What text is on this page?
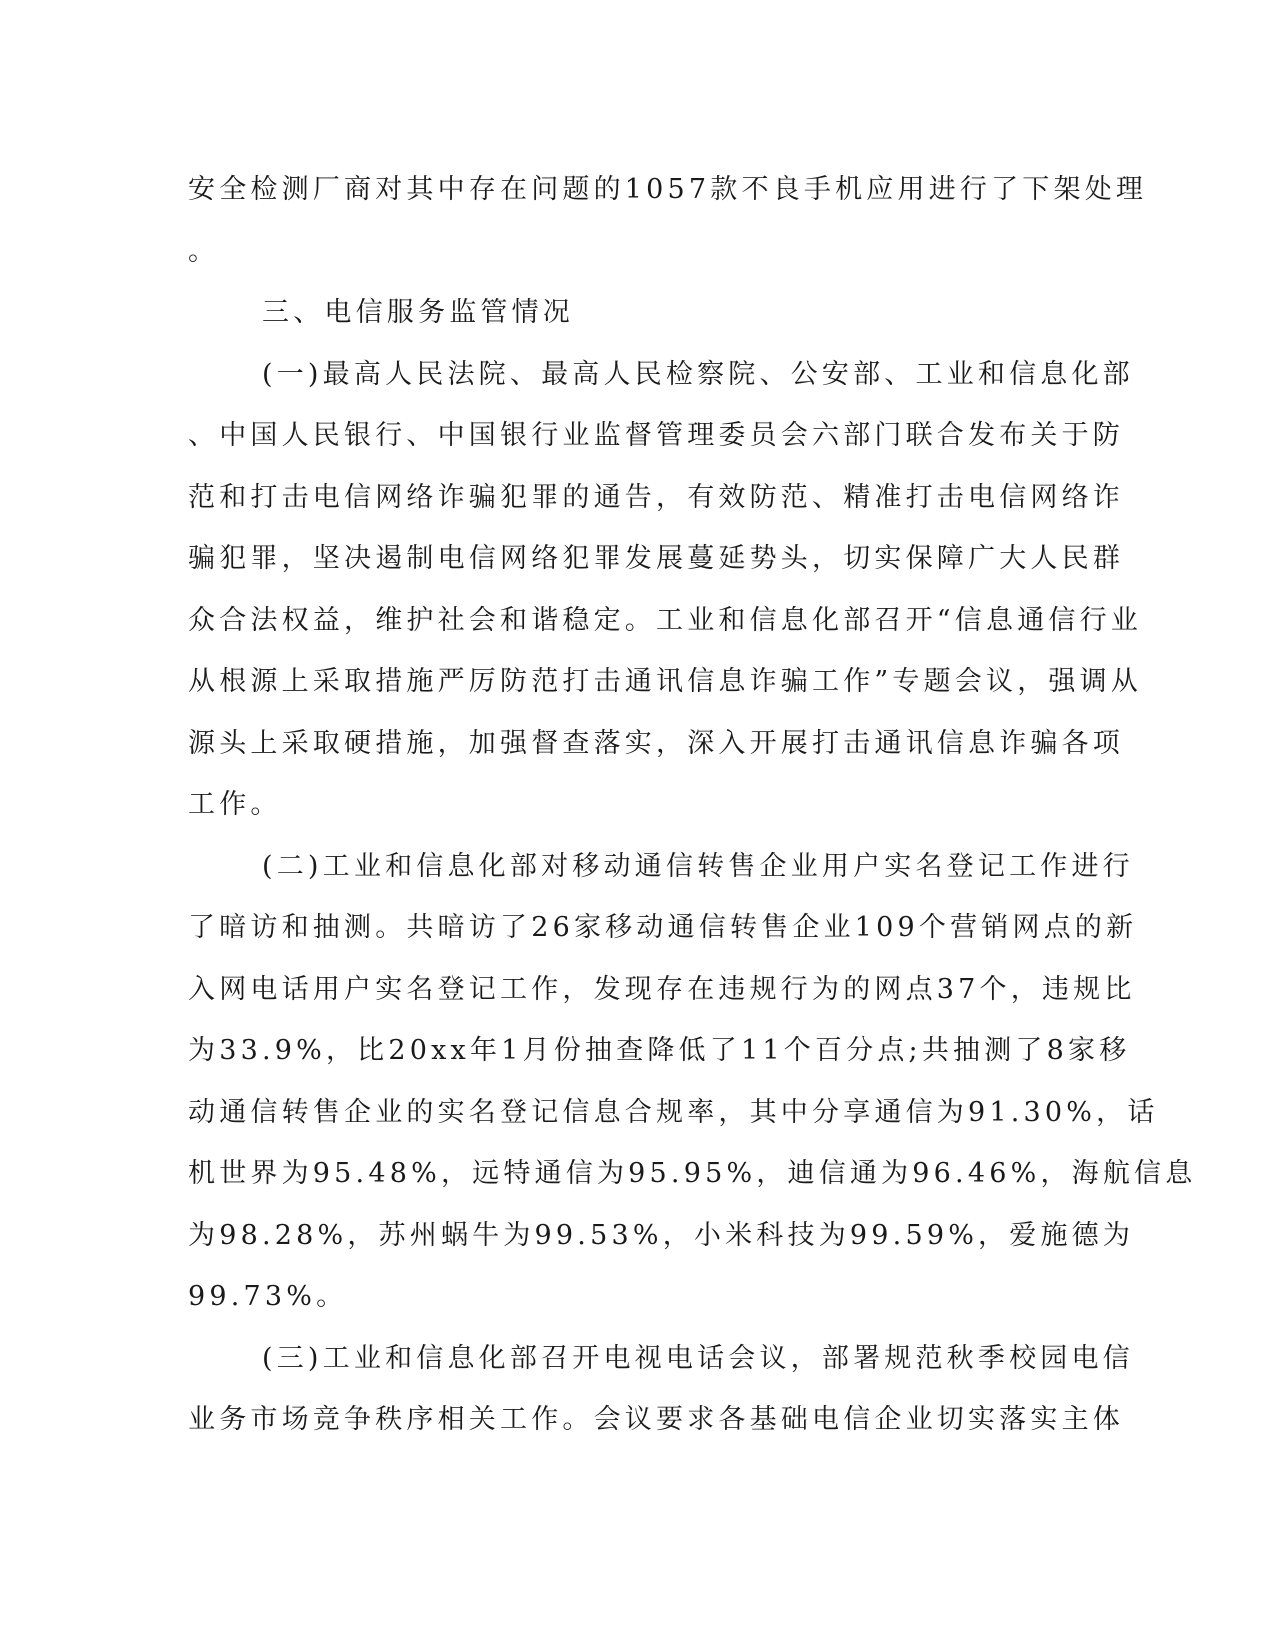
安全检测厂商对其中存在问题的1057款不良手机应用进行了下架处理
。
三、电信服务监管情况
(一)最高人民法院、最高人民检察院、公安部、工业和信息化部
、中国人民银行、中国银行业监督管理委员会六部门联合发布关于防
范和打击电信网络诈骗犯罪的通告，有效防范、精准打击电信网络诈
骗犯罪，坚决遏制电信网络犯罪发展蔓延势头，切实保障广大人民群
众合法权益，维护社会和谐稳定。工业和信息化部召开“信息通信行业
从根源上采取措施严厉防范打击通讯信息诈骗工作”专题会议，强调从
源头上采取硬措施，加强督查落实，深入开展打击通讯信息诈骗各项
工作。
(二)工业和信息化部对移动通信转售企业用户实名登记工作进行
了暗访和抽测。共暗访了26家移动通信转售企业109个营销网点的新
入网电话用户实名登记工作，发现存在违规行为的网点37个，违规比
为33.9%，比20xx年1月份抽查降低了11个百分点;共抽测了8家移
动通信转售企业的实名登记信息合规率，其中分享通信为91.30%，话
机世界为95.48%，远特通信为95.95%，迪信通为96.46%，海航信息
为98.28%，苏州蜗牛为99.53%，小米科技为99.59%，爱施德为
99.73%。
(三)工业和信息化部召开电视电话会议，部署规范秋季校园电信
业务市场竞争秩序相关工作。会议要求各基础电信企业切实落实主体
